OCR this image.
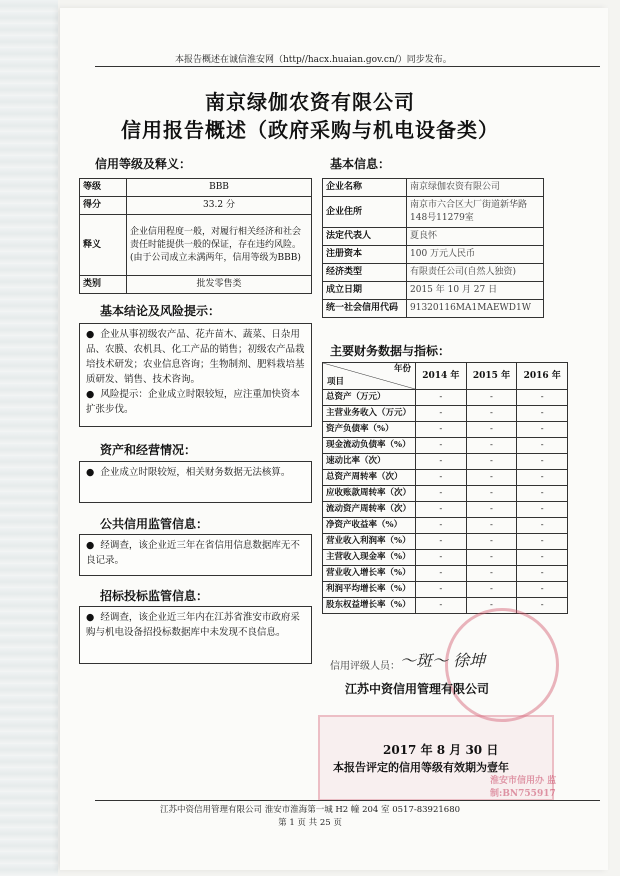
本报告概述在诚信淮安网（http//hacx.huaian.gov.cn/）同步发布。
南京绿伽农资有限公司
信用报告概述（政府采购与机电设备类）
信用等级及释义：
等级	BBB
得分	33.2 分
释义	企业信用程度一般，对履行相关经济和社会责任时能提供一般的保证，存在违约风险。(由于公司成立未满两年，信用等级为BBB)
类别	批发零售类
基本信息：
企业名称	南京绿伽农资有限公司
企业住所	南京市六合区大厂街道新华路148号11279室
法定代表人	夏良怀
注册资本	100 万元人民币
经济类型	有限责任公司(自然人独资)
成立日期	2015 年 10 月 27 日
统一社会信用代码	91320116MA1MAEWD1W
基本结论及风险提示：

●  企业从事初级农产品、花卉苗木、蔬菜、日杂用品、农膜、农机具、化工产品的销售；初级农产品栽培技术研发；农业信息咨询；生物制剂、肥料栽培基质研发、销售、技术咨询。

●  风险提示：企业成立时限较短，应注重加快资本扩张步伐。

资产和经营情况：

●  企业成立时限较短，相关财务数据无法核算。

公共信用监管信息：

●  经调查，该企业近三年在省信用信息数据库无不良记录。

招标投标监管信息：

●  经调查，该企业近三年内在江苏省淮安市政府采购与机电设备招投标数据库中未发现不良信息。

主要财务数据与指标：
年份
项目	2014 年	2015 年	2016 年
总资产（万元）	-	-	-
主营业务收入（万元）	-	-	-
资产负债率（%）	-	-	-
现金流动负债率（%）	-	-	-
速动比率（次）	-	-	-
总资产周转率（次）	-	-	-
应收账款周转率（次）	-	-	-
流动资产周转率（次）	-	-	-
净资产收益率（%）	-	-	-
营业收入利润率（%）	-	-	-
主营收入现金率（%）	-	-	-
营业收入增长率（%）	-	-	-
利润平均增长率（%）	-	-	-
股东权益增长率（%）	-	-	-
淮安市信用办 监制:BN755917
信用评级人员： ～斑～ 徐坤
江苏中资信用管理有限公司
2017 年 8 月 30 日
本报告评定的信用等级有效期为壹年
江苏中资信用管理有限公司 淮安市淮海第一城 H2 幢 204 室 0517-83921680
第 1 页 共 25 页
